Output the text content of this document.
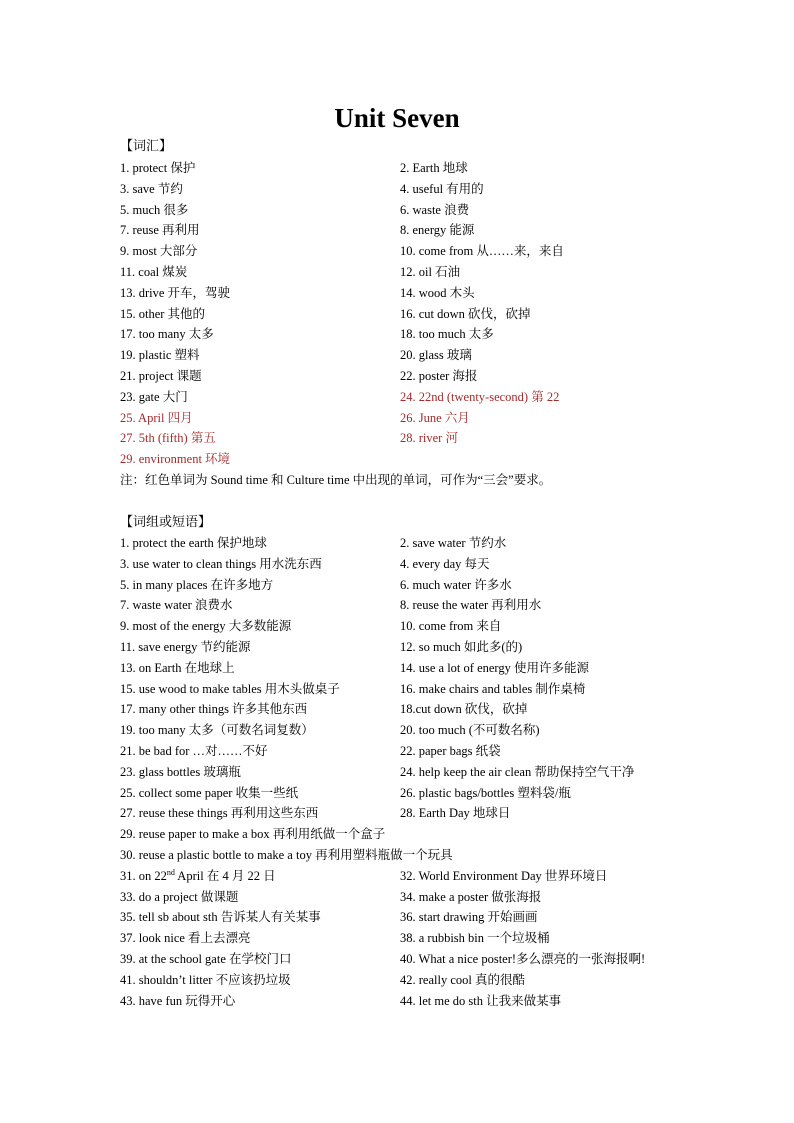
Unit Seven
【词汇】
1. protect 保护	2. Earth 地球
3. save 节约	4. useful 有用的
5. much 很多	6. waste 浪费
7. reuse 再利用	8. energy 能源
9. most 大部分	10. come from 从……来，来自
11. coal 煤炭	12. oil 石油
13. drive 开车，驾驶	14. wood 木头
15. other 其他的	16. cut down 砍伐，砍掉
17. too many 太多	18. too much 太多
19. plastic 塑料	20. glass 玻璃
21. project 课题	22. poster 海报
23. gate 大门	24. 22nd (twenty-second) 第 22
25. April 四月	26. June 六月
27. 5th (fifth) 第五	28. river 河
29. environment 环境
注：红色单词为 Sound time 和 Culture time 中出现的单词，可作为“三会”要求。
【词组或短语】
1. protect the earth 保护地球	2. save water 节约水
3. use water to clean things 用水洗东西	4. every day 每天
5. in many places 在许多地方	6. much water 许多水
7. waste water 浪费水	8. reuse the water 再利用水
9. most of the energy 大多数能源	10. come from 来自
11. save energy 节约能源	12. so much 如此多(的)
13. on Earth 在地球上	14. use a lot of energy 使用许多能源
15. use wood to make tables 用木头做桌子	16. make chairs and tables 制作桌椅
17. many other things 许多其他东西	18.cut down 砍伐，砍掉
19. too many 太多（可数名词复数）	20. too much (不可数名称)
21. be bad for …对……不好	22. paper bags 纸袋
23. glass bottles 玻璃瓶	24. help keep the air clean 帮助保持空气干净
25. collect some paper 收集一些纸	26. plastic bags/bottles 塑料袋/瓶
27. reuse these things 再利用这些东西	28. Earth Day 地球日
29. reuse paper to make a box 再利用纸做一个盒子
30. reuse a plastic bottle to make a toy 再利用塑料瓶做一个玩具
31. on 22nd April 在 4 月 22 日	32. World Environment Day 世界环境日
33. do a project 做课题	34. make a poster 做张海报
35. tell sb about sth 告诉某人有关某事	36. start drawing 开始画画
37. look nice 看上去漂亮	38. a rubbish bin 一个垃圾桶
39. at the school gate 在学校门口	40. What a nice poster!多么漂亮的一张海报啊!
41. shouldn’t litter 不应该扔垃圾	42. really cool 真的很酷
43. have fun 玩得开心	44. let me do sth 让我来做某事
